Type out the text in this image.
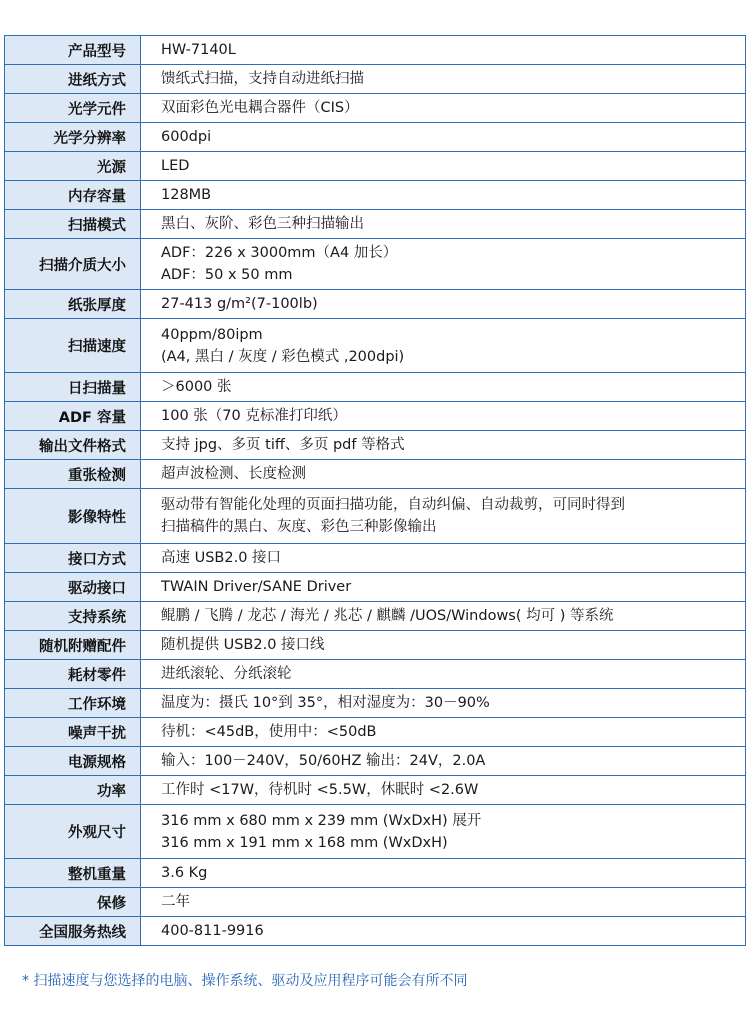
产品型号	HW-7140L

进纸方式	馈纸式扫描，支持自动进纸扫描

光学元件	双面彩色光电耦合器件（CIS）

光学分辨率	600dpi

光源	LED

内存容量	128MB

扫描模式	黑白、灰阶、彩色三种扫描输出

扫描介质大小	ADF：226 x 3000mm（A4 加长）
ADF：50 x 50 mm

纸张厚度	27-413 g/m²(7-100lb)

扫描速度	40ppm/80ipm
(A4, 黑白 / 灰度 / 彩色模式 ,200dpi)

日扫描量	＞6000 张

ADF 容量	100 张（70 克标准打印纸）

输出文件格式	支持 jpg、多页 tiff、多页 pdf 等格式

重张检测	超声波检测、长度检测

影像特性	驱动带有智能化处理的页面扫描功能，自动纠偏、自动裁剪，可同时得到
扫描稿件的黑白、灰度、彩色三种影像输出

接口方式	高速 USB2.0 接口

驱动接口	TWAIN Driver/SANE Driver

支持系统	鲲鹏 / 飞腾 / 龙芯 / 海光 / 兆芯 / 麒麟 /UOS/Windows( 均可 ) 等系统

随机附赠配件	随机提供 USB2.0 接口线

耗材零件	进纸滚轮、分纸滚轮

工作环境	温度为：摄氏 10°到 35°，相对湿度为：30－90%

噪声干扰	待机：<45dB，使用中：<50dB

电源规格	输入：100－240V，50/60HZ 输出：24V，2.0A

功率	工作时 <17W，待机时 <5.5W，休眠时 <2.6W

外观尺寸	316 mm x 680 mm x 239 mm (WxDxH) 展开
316 mm x 191 mm x 168 mm (WxDxH)

整机重量	3.6 Kg

保修	二年

全国服务热线	400-811-9916
* 扫描速度与您选择的电脑、操作系统、驱动及应用程序可能会有所不同
